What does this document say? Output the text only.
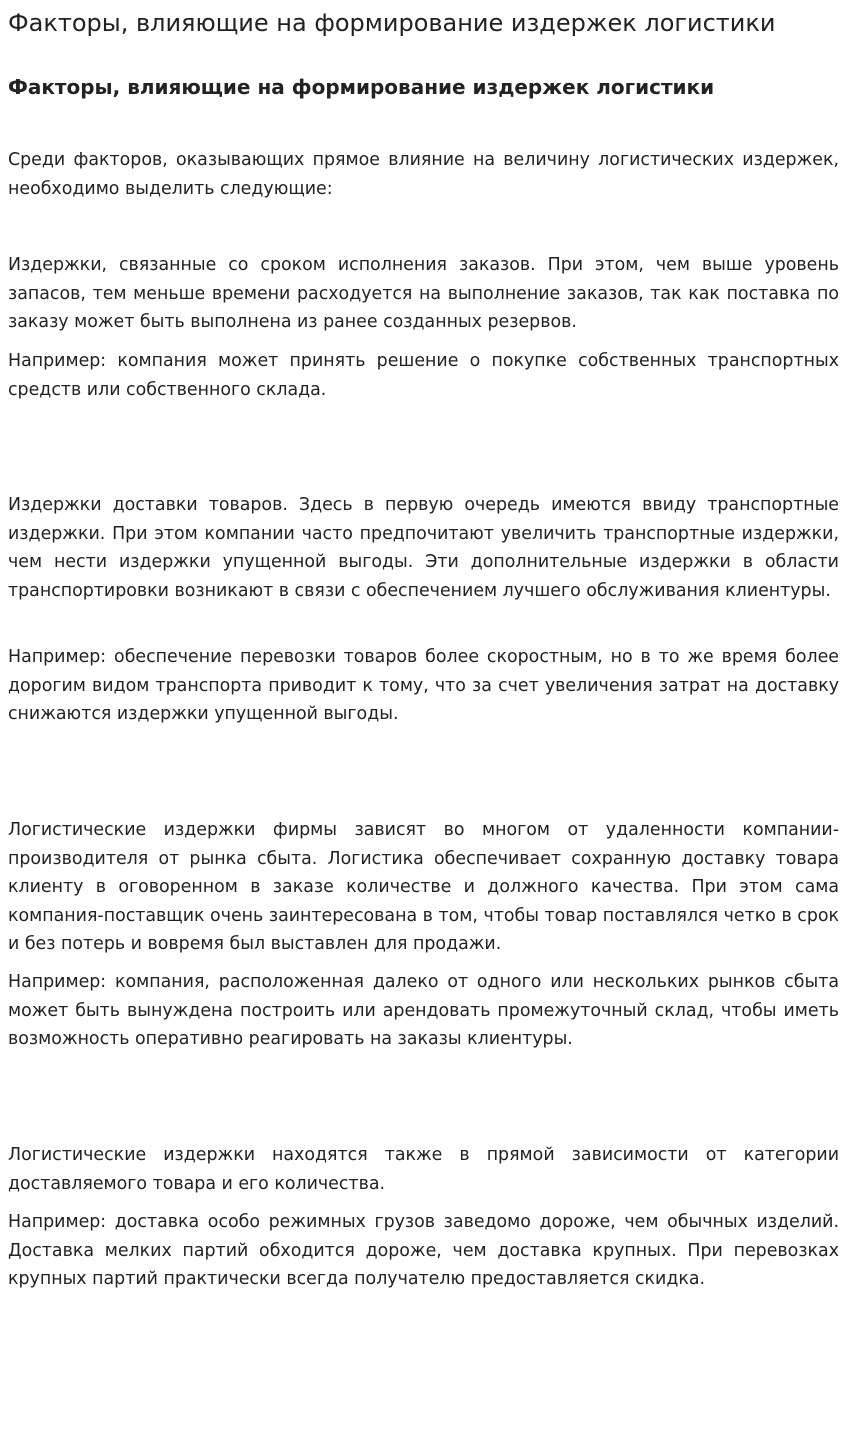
Факторы, влияющие на формирование издержек логистики
Факторы, влияющие на формирование издержек логистики

Среди факторов, оказывающих прямое влияние на величину логистических издержек, необходимо выделить следующие:

Издержки, связанные со сроком исполнения заказов. При этом, чем выше уровень запасов, тем меньше времени расходуется на выполнение заказов, так как поставка по заказу может быть выполнена из ранее созданных резервов.

Например: компания может принять решение о покупке собственных транспортных средств или собственного склада.

Издержки доставки товаров. Здесь в первую очередь имеются ввиду транспортные издержки. При этом компании часто предпочитают увеличить транспортные издержки, чем нести издержки упущенной выгоды. Эти дополнительные издержки в области транспортировки возникают в связи с обеспечением лучшего обслуживания клиентуры.

Например: обеспечение перевозки товаров более скоростным, но в то же время более дорогим видом транспорта приводит к тому, что за счет увеличения затрат на доставку снижаются издержки упущенной выгоды.

Логистические издержки фирмы зависят во многом от удаленности компании-производителя от рынка сбыта. Логистика обеспечивает сохранную доставку товара клиенту в оговоренном в заказе количестве и должного качества. При этом сама компания-поставщик очень заинтересована в том, чтобы товар поставлялся четко в срок и без потерь и вовремя был выставлен для продажи.

Например: компания, расположенная далеко от одного или нескольких рынков сбыта может быть вынуждена построить или арендовать промежуточный склад, чтобы иметь возможность оперативно реагировать на заказы клиентуры.

Логистические издержки находятся также в прямой зависимости от категории доставляемого товара и его количества.

Например: доставка особо режимных грузов заведомо дороже, чем обычных изделий. Доставка мелких партий обходится дороже, чем доставка крупных. При перевозках крупных партий практически всегда получателю предоставляется скидка.
